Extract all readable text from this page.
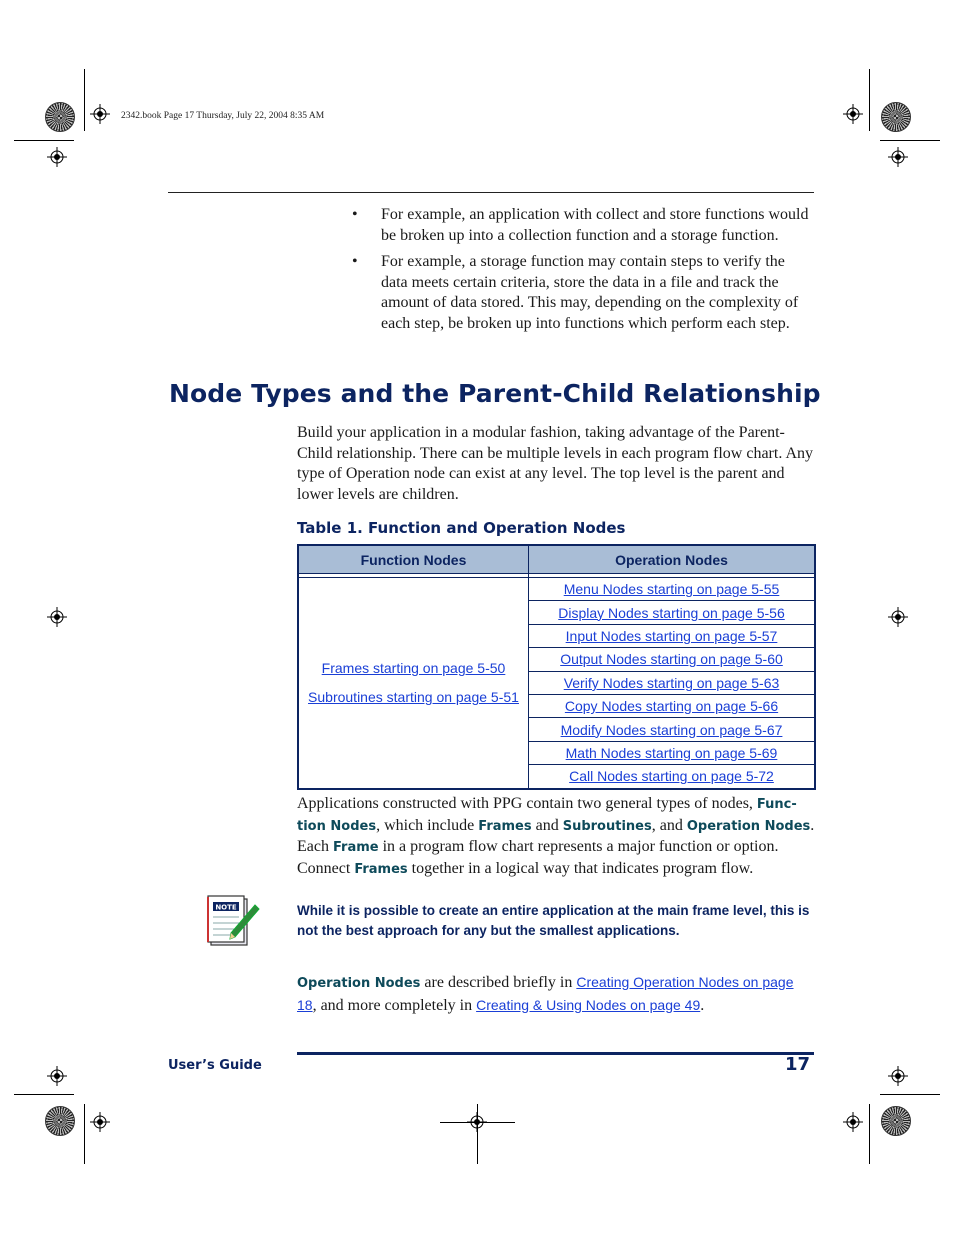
2342.book Page 17 Thursday, July 22, 2004 8:35 AM
• For example, an application with collect and store functions would be broken up into a collection function and a storage function.
• For example, a storage function may contain steps to verify the data meets certain criteria, store the data in a file and track the amount of data stored. This may, depending on the complexity of each step, be broken up into functions which perform each step.
Node Types and the Parent-Child Relationship

Build your application in a modular fashion, taking advantage of the Parent-Child relationship. There can be multiple levels in each program flow chart. Any type of Operation node can exist at any level. The top level is the parent and lower levels are children.

Table 1. Function and Operation Nodes
Function Nodes	Operation Nodes

Frames starting on page 5-50
Subroutines starting on page 5-51	Menu Nodes starting on page 5-55
	Display Nodes starting on page 5-56
	Input Nodes starting on page 5-57
	Output Nodes starting on page 5-60
	Verify Nodes starting on page 5-63
	Copy Nodes starting on page 5-66
	Modify Nodes starting on page 5-67
	Math Nodes starting on page 5-69
	Call Nodes starting on page 5-72

Applications constructed with PPG contain two general types of nodes, Func-tion Nodes, which include Frames and Subroutines, and Operation Nodes. Each Frame in a program flow chart represents a major function or option. Connect Frames together in a logical way that indicates program flow.

NOTE	While it is possible to create an entire application at the main frame level, this is not the best approach for any but the smallest applications.

Operation Nodes are described briefly in Creating Operation Nodes on page 18, and more completely in Creating & Using Nodes on page 49.

User’s Guide	17
